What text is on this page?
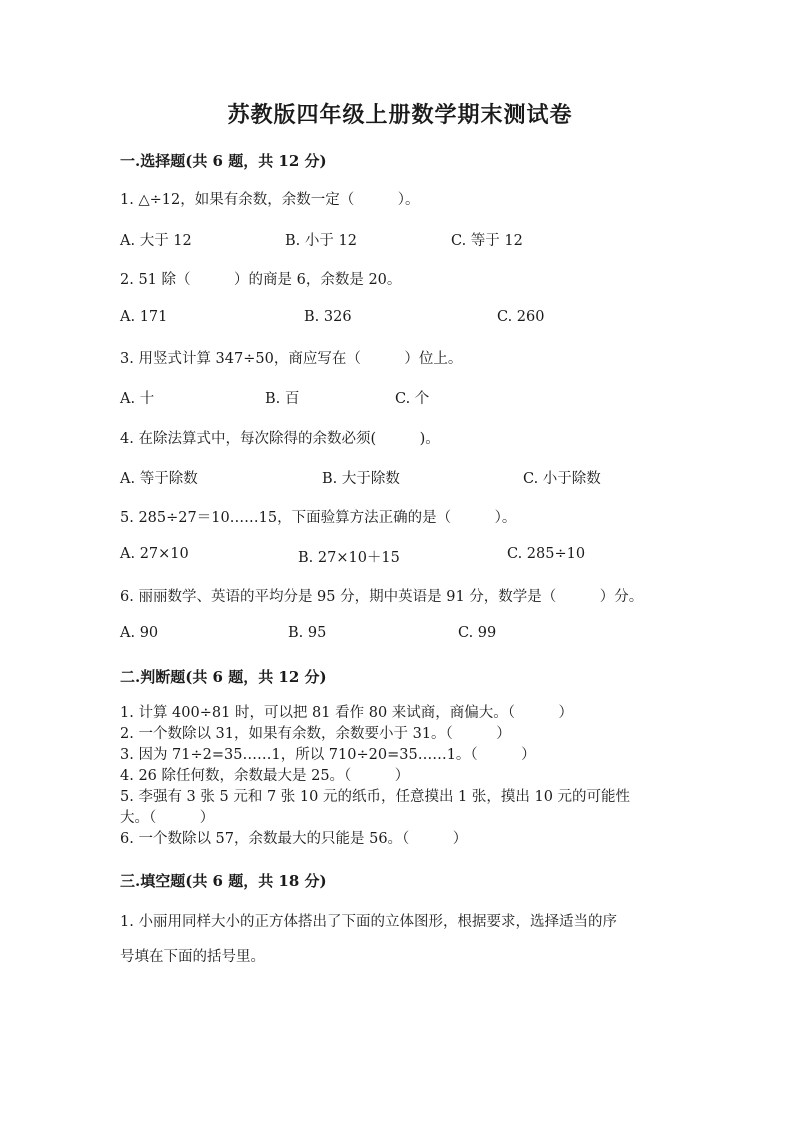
苏教版四年级上册数学期末测试卷
一.选择题(共 6 题，共 12 分)
1. △÷12，如果有余数，余数一定（　　　）。
A. 大于 12	B. 小于 12	C. 等于 12
2. 51 除（　　　）的商是 6，余数是 20。
A. 171	B. 326	C. 260
3. 用竖式计算 347÷50，商应写在（　　　）位上。
A. 十	B. 百	C. 个
4. 在除法算式中，每次除得的余数必须(　　　)。
A. 等于除数	B. 大于除数	C. 小于除数
5. 285÷27＝10……15，下面验算方法正确的是（　　　）。
A. 27×10	B. 27×10＋15	C. 285÷10
6. 丽丽数学、英语的平均分是 95 分，期中英语是 91 分，数学是（　　　）分。
A. 90	B. 95	C. 99
二.判断题(共 6 题，共 12 分)
1. 计算 400÷81 时，可以把 81 看作 80 来试商，商偏大。（　　　）
2. 一个数除以 31，如果有余数，余数要小于 31。（　　　）
3. 因为 71÷2=35……1，所以 710÷20=35……1。（　　　）
4. 26 除任何数，余数最大是 25。（　　　）
5. 李强有 3 张 5 元和 7 张 10 元的纸币，任意摸出 1 张，摸出 10 元的可能性
大。（　　　）
6. 一个数除以 57，余数最大的只能是 56。（　　　）
三.填空题(共 6 题，共 18 分)
1. 小丽用同样大小的正方体搭出了下面的立体图形，根据要求，选择适当的序
号填在下面的括号里。
